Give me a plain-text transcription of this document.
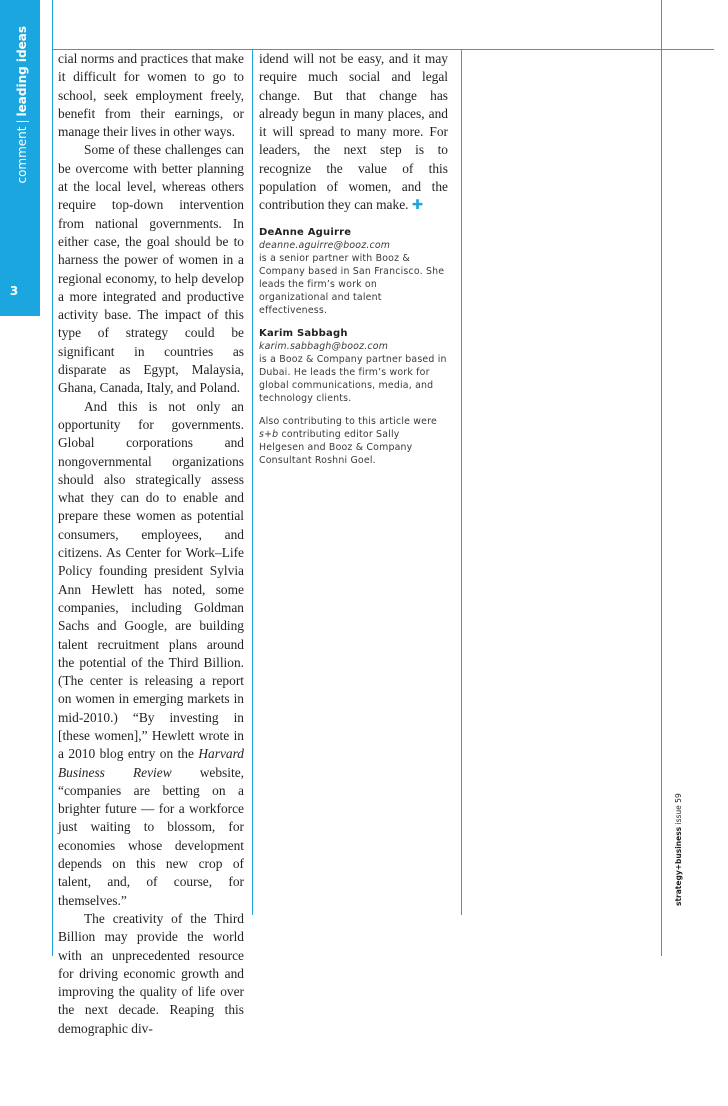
comment|leading ideas
3

cial norms and practices that make it difficult for women to go to school, seek employment freely, benefit from their earnings, or manage their lives in other ways.

Some of these challenges can be overcome with better planning at the local level, whereas others require top-down intervention from national governments. In either case, the goal should be to harness the power of women in a regional economy, to help develop a more integrated and productive activity base. The impact of this type of strategy could be significant in countries as disparate as Egypt, Malaysia, Ghana, Canada, Italy, and Poland.

And this is not only an opportunity for governments. Global corporations and nongovernmental organizations should also strategically assess what they can do to enable and prepare these women as potential consumers, employees, and citizens. As Center for Work–Life Policy founding president Sylvia Ann Hewlett has noted, some companies, including Goldman Sachs and Google, are building talent recruitment plans around the potential of the Third Billion. (The center is releasing a report on women in emerging markets in mid-2010.) “By investing in [these women],” Hewlett wrote in a 2010 blog entry on the Harvard Business Review website, “companies are betting on a brighter future — for a workforce just waiting to blossom, for economies whose development depends on this new crop of talent, and, of course, for themselves.”

The creativity of the Third Billion may provide the world with an unprecedented resource for driving economic growth and improving the quality of life over the next decade. Reaping this demographic div-

idend will not be easy, and it may require much social and legal change. But that change has already begun in many places, and it will spread to many more. For leaders, the next step is to recognize the value of this population of women, and the contribution they can make. ✚

DeAnne Aguirre
deanne.aguirre@booz.com
is a senior partner with Booz & Company based in San Francisco. She leads the firm’s work on organizational and talent effectiveness.
Karim Sabbagh
karim.sabbagh@booz.com
is a Booz & Company partner based in Dubai. He leads the firm’s work for global communications, media, and technology clients.
Also contributing to this article were s+b contributing editor Sally Helgesen and Booz & Company Consultant Roshni Goel.
strategy+business issue 59
